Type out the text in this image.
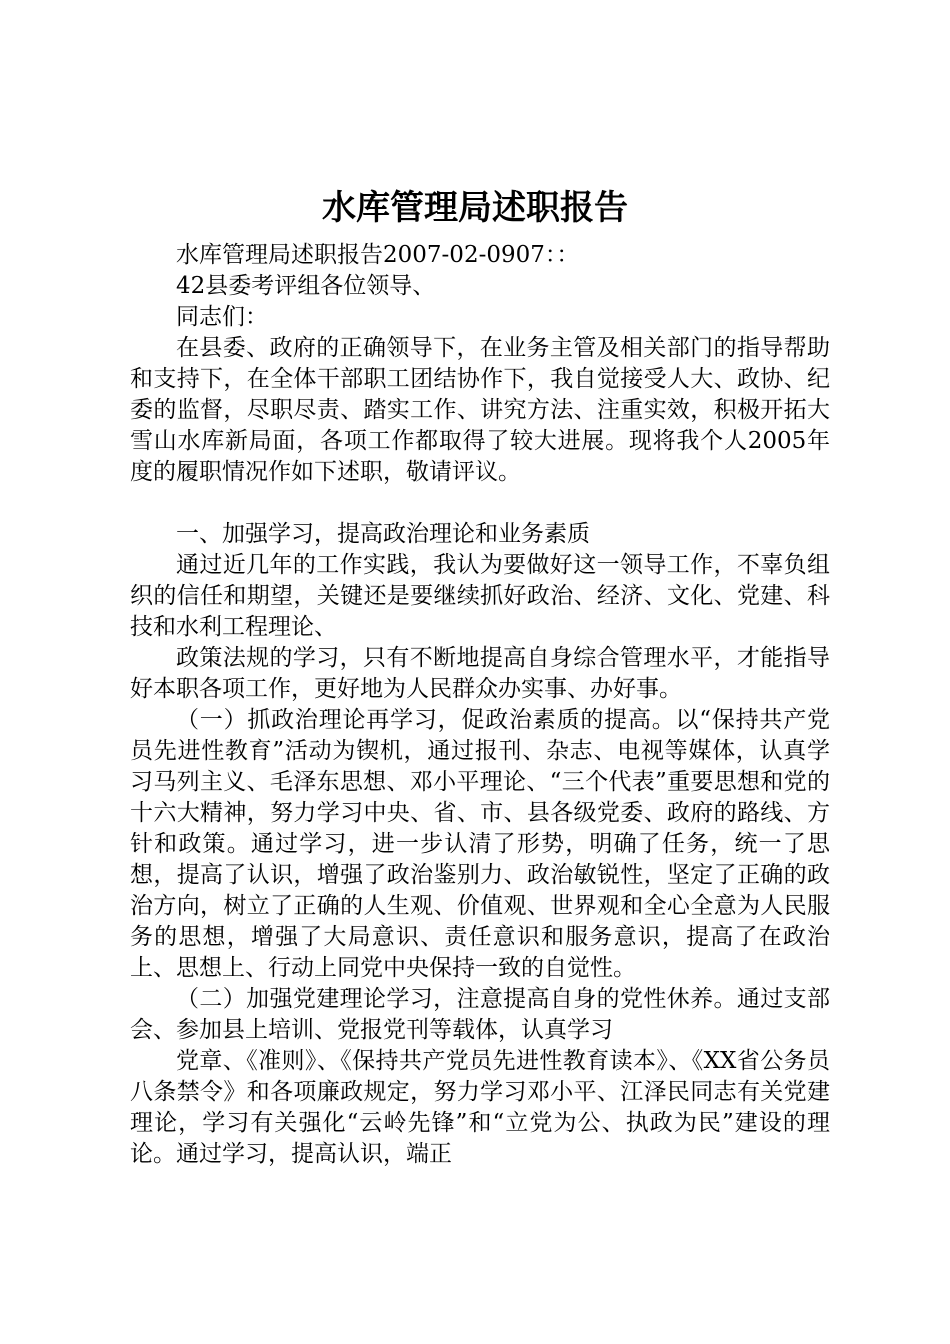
水库管理局述职报告

水库管理局述职报告2007-02-0907：：

42县委考评组各位领导、

同志们：

在县委、政府的正确领导下，在业务主管及相关部门的指导帮助和支持下，在全体干部职工团结协作下，我自觉接受人大、政协、纪委的监督，尽职尽责、踏实工作、讲究方法、注重实效，积极开拓大雪山水库新局面，各项工作都取得了较大进展。现将我个人2005年度的履职情况作如下述职，敬请评议。

一、加强学习，提高政治理论和业务素质

通过近几年的工作实践，我认为要做好这一领导工作，不辜负组织的信任和期望，关键还是要继续抓好政治、经济、文化、党建、科技和水利工程理论、

政策法规的学习，只有不断地提高自身综合管理水平，才能指导好本职各项工作，更好地为人民群众办实事、办好事。

（一）抓政治理论再学习，促政治素质的提高。以“保持共产党员先进性教育”活动为锲机，通过报刊、杂志、电视等媒体，认真学习马列主义、毛泽东思想、邓小平理论、“三个代表”重要思想和党的十六大精神，努力学习中央、省、市、县各级党委、政府的路线、方针和政策。通过学习，进一步认清了形势，明确了任务，统一了思想，提高了认识，增强了政治鉴别力、政治敏锐性，坚定了正确的政治方向，树立了正确的人生观、价值观、世界观和全心全意为人民服务的思想，增强了大局意识、责任意识和服务意识，提高了在政治上、思想上、行动上同党中央保持一致的自觉性。

（二）加强党建理论学习，注意提高自身的党性休养。通过支部会、参加县上培训、党报党刊等载体，认真学习

党章、《准则》、《保持共产党员先进性教育读本》、《XX省公务员八条禁令》和各项廉政规定，努力学习邓小平、江泽民同志有关党建理论，学习有关强化“云岭先锋”和“立党为公、执政为民”建设的理论。通过学习，提高认识，端正
